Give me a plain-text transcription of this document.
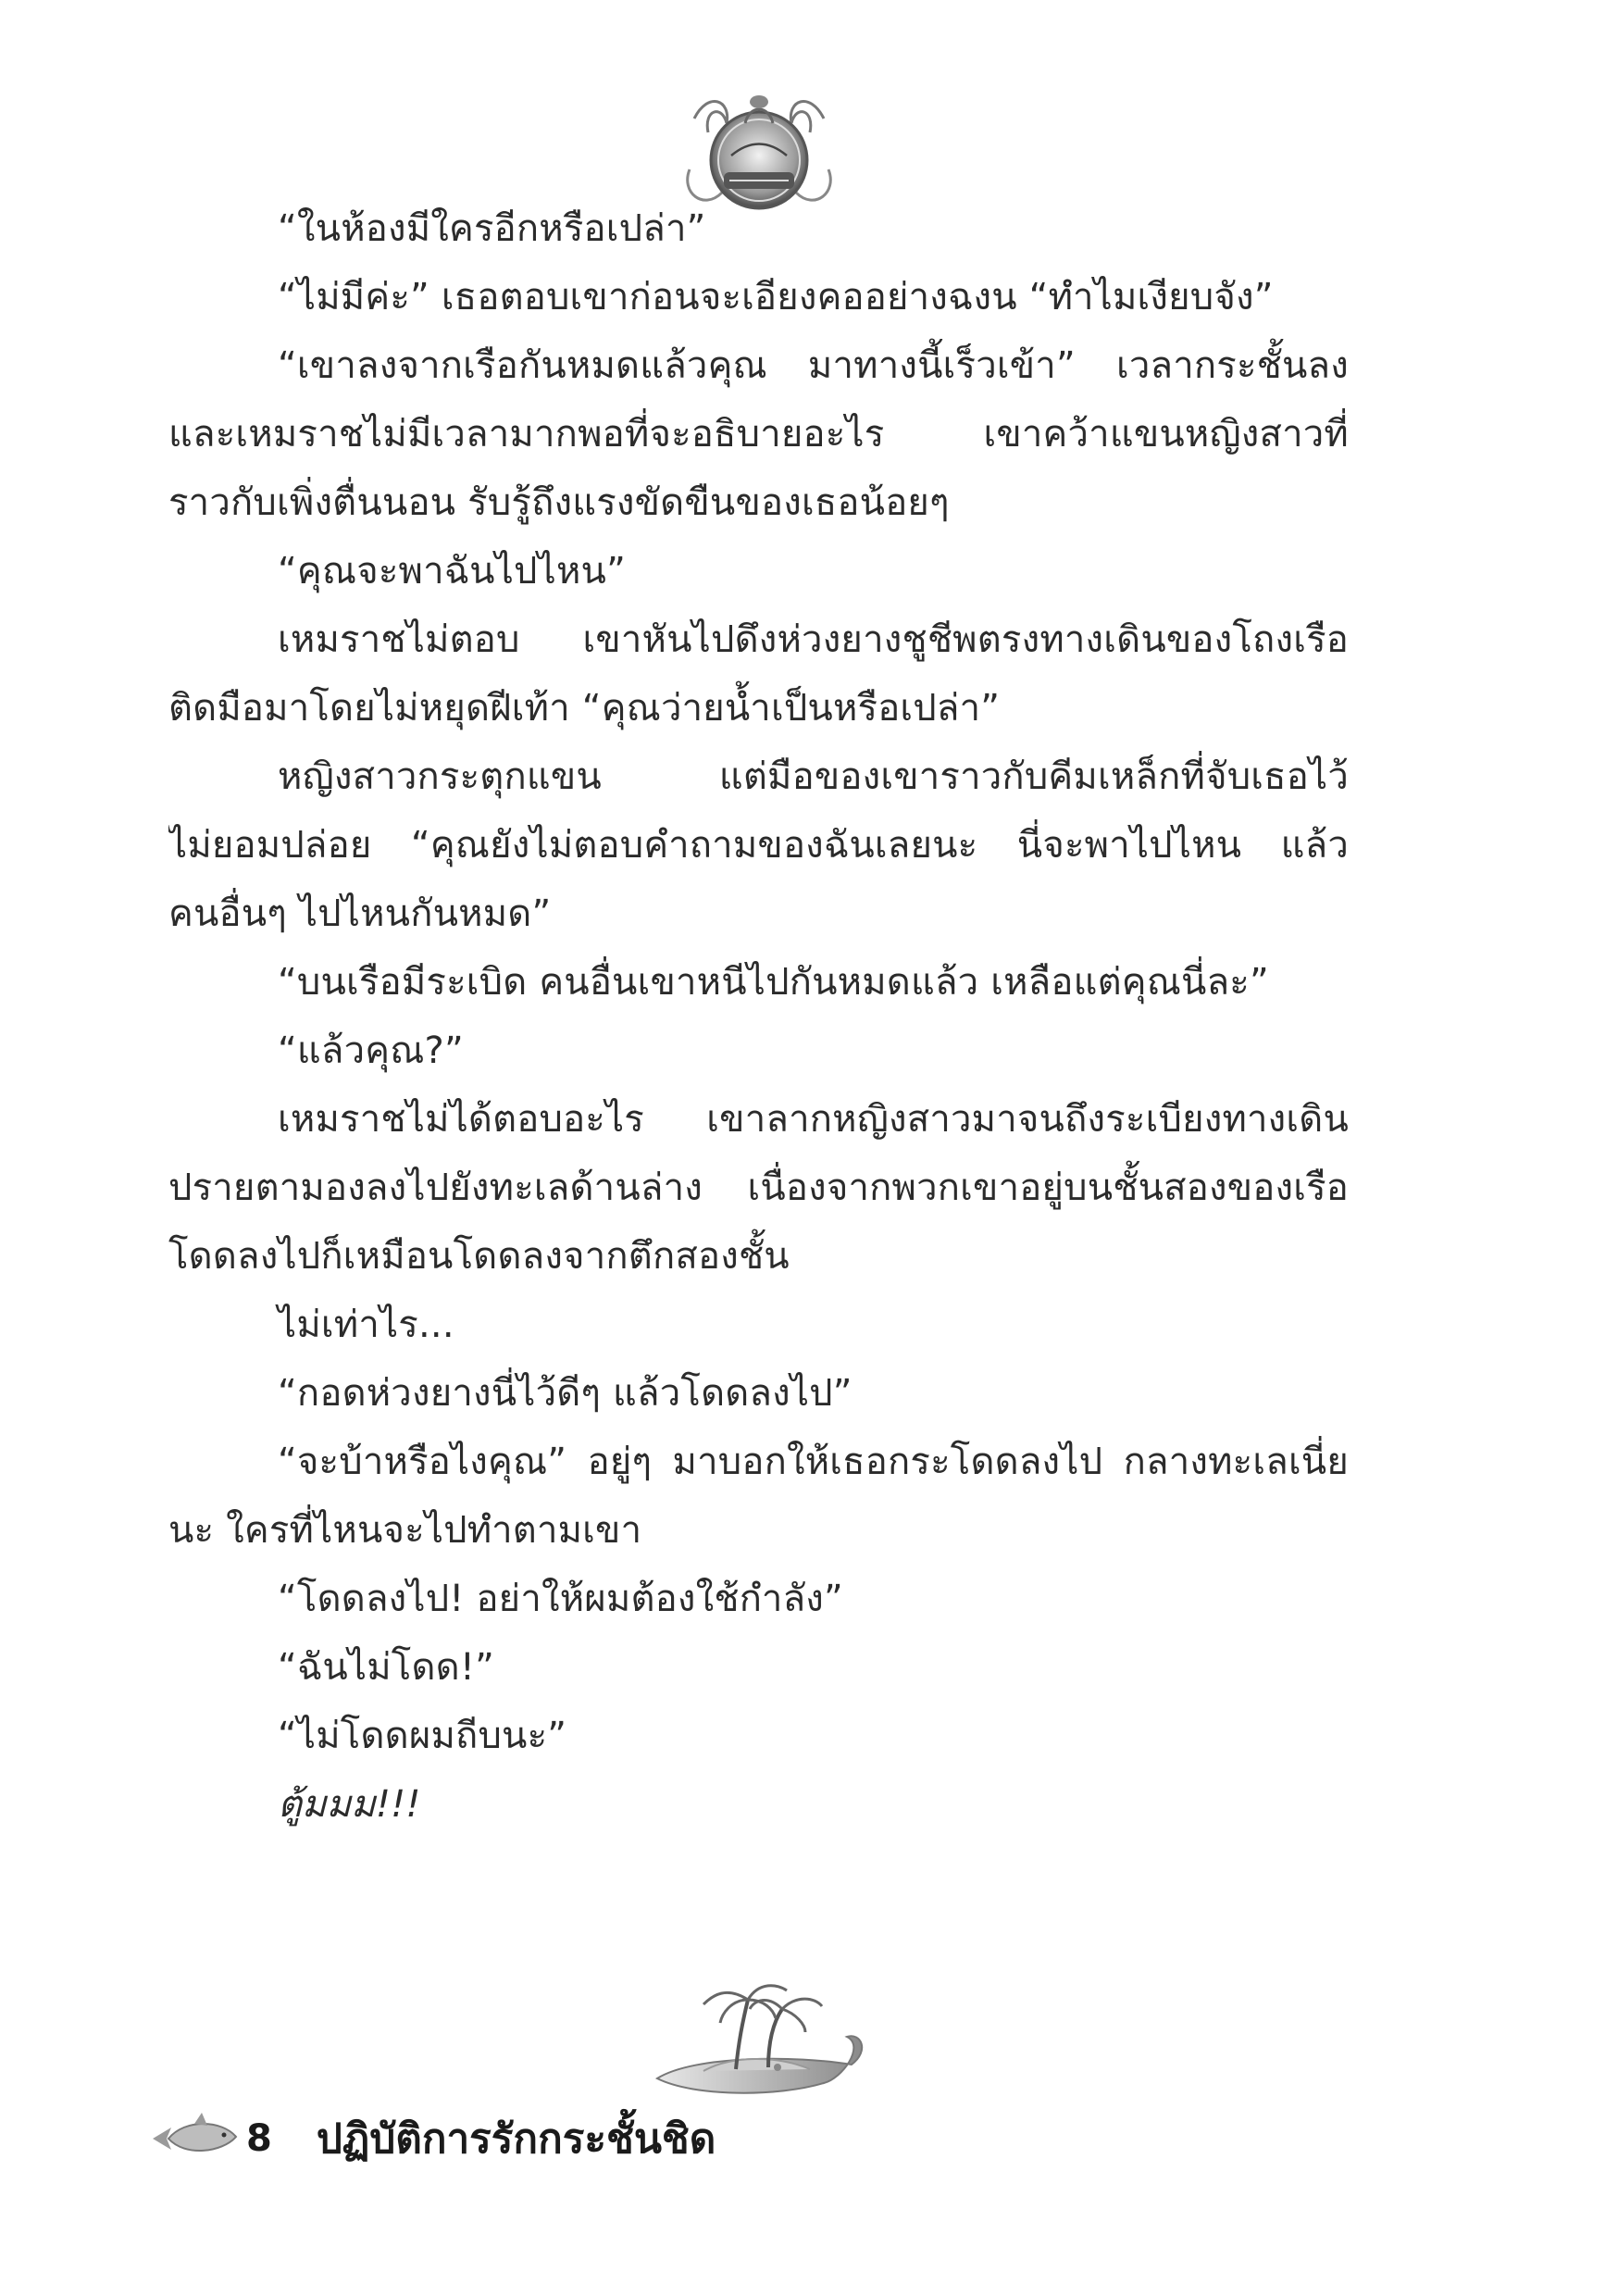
“ในห้องมีใครอีกหรือเปล่า”
“ไม่มีค่ะ” เธอตอบเขาก่อนจะเอียงคออย่างฉงน “ทำไมเงียบจัง”
“เขาลงจากเรือกันหมดแล้วคุณ มาทางนี้เร็วเข้า” เวลากระชั้นลง
และเหมราชไม่มีเวลามากพอที่จะอธิบายอะไร เขาคว้าแขนหญิงสาวที่
ราวกับเพิ่งตื่นนอน รับรู้ถึงแรงขัดขืนของเธอน้อยๆ
“คุณจะพาฉันไปไหน”
เหมราชไม่ตอบ เขาหันไปดึงห่วงยางชูชีพตรงทางเดินของโถงเรือ
ติดมือมาโดยไม่หยุดฝีเท้า “คุณว่ายน้ำเป็นหรือเปล่า”
หญิงสาวกระตุกแขน แต่มือของเขาราวกับคีมเหล็กที่จับเธอไว้
ไม่ยอมปล่อย “คุณยังไม่ตอบคำถามของฉันเลยนะ นี่จะพาไปไหน แล้ว
คนอื่นๆ ไปไหนกันหมด”
“บนเรือมีระเบิด คนอื่นเขาหนีไปกันหมดแล้ว เหลือแต่คุณนี่ละ”
“แล้วคุณ?”
เหมราชไม่ได้ตอบอะไร เขาลากหญิงสาวมาจนถึงระเบียงทางเดิน
ปรายตามองลงไปยังทะเลด้านล่าง เนื่องจากพวกเขาอยู่บนชั้นสองของเรือ
โดดลงไปก็เหมือนโดดลงจากตึกสองชั้น
ไม่เท่าไร...
“กอดห่วงยางนี่ไว้ดีๆ แล้วโดดลงไป”
“จะบ้าหรือไงคุณ” อยู่ๆ มาบอกให้เธอกระโดดลงไป กลางทะเลเนี่ย
นะ ใครที่ไหนจะไปทำตามเขา
“โดดลงไป! อย่าให้ผมต้องใช้กำลัง”
“ฉันไม่โดด!”
“ไม่โดดผมถีบนะ”
ตู้มมม!!!
8 ปฏิบัติการรักกระชั้นชิด
